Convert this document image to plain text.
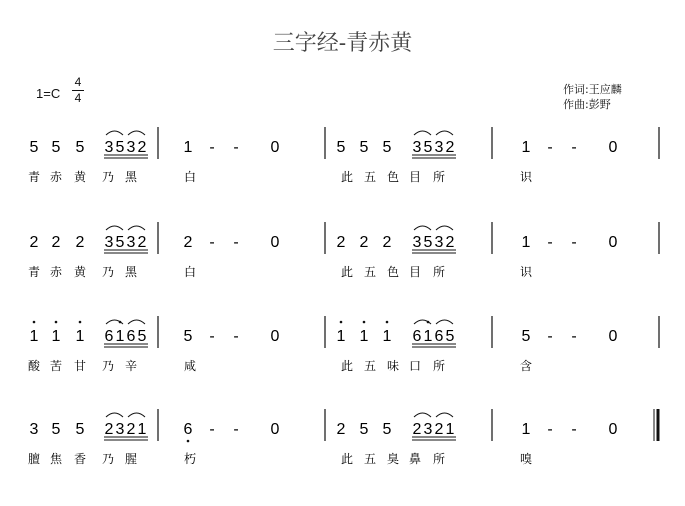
三字经-青赤黄
1=C
4
4
作词:王应麟
作曲:彭野
5 5 5 3 5 3 2 1 - - 0	5 5 5 3 5 3 2	1 - - 0
青 赤 黄 乃 黑	白	此 五 色 目 所	识
2 2 2 3 5 3 2 2 - - 0	2 2 2 3 5 3 2	1 - - 0
青 赤 黄 乃 黑	白	此 五 色 目 所	识
1 1 1 6 1 6 5 5 - - 0	1 1 1 6 1 6 5	5 - - 0
酸 苦 甘 乃 辛	咸	此 五 味 口 所	含
3 5 5 2 3 2 1 6 - - 0	2 5 5 2 3 2 1	1 - - 0
膻 焦 香 乃 腥	朽	此 五 臭 鼻 所	嗅
